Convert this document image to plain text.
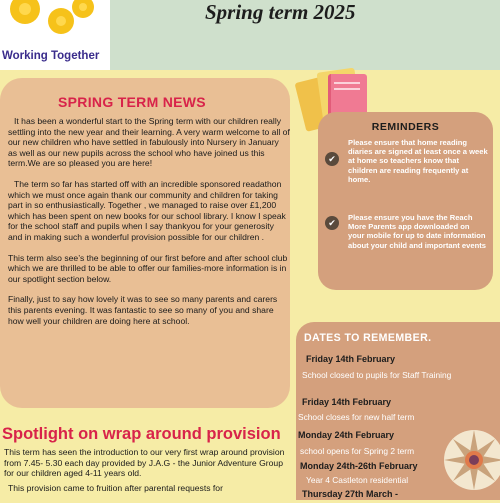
Working Together
Spring term 2025
SPRING TERM NEWS

It has been a wonderful start to the Spring term with our children really settling into the new year and their learning. A very warm welcome to all of our new children who have settled in fabulously into Nursery in January as well as our new pupils across the school who have joined us this term.We are so pleased you are here!

The term so far has started off with an incredible sponsored readathon which we must once again thank our community and children for taking part in so enthusiastically. Together , we managed to raise over £1,200 which has been spent on new books for our school library. I know I speak for the school staff and pupils when I say thankyou for your generosity and in making such a wonderful provision possible for our children .

This term also see’s the beginning of our first before and after school club which we are thrilled to be able to offer our families-more information is in our spotlight section below.

Finally, just to say how lovely it was to see so many parents and carers this parents evening. It was fantastic to see so many of you and share how well your children are doing here at school.

Spotlight on wrap around provision

This term has seen the introduction to our very first wrap around provision from 7.45- 5.30 each day provided by J.A.G - the Junior Adventure Group for our children aged 4-11 years old.

This provision came to fruition after parental requests for

REMINDERS
✔
Please ensure that home reading diaries are signed at least once a week at home so teachers know that children are reading frequently at home.
✔
Please ensure you have the Reach More Parents app downloaded on your mobile for up to date information about your child and important events
DATES TO REMEMBER.
Friday 14th February
School closed to pupils for Staff Training
Friday 14th February
School closes for new half term
Monday 24th February
school opens for Spring 2 term
Monday 24th-26th February
Year 4 Castleton residential
Thursday 27th March -
